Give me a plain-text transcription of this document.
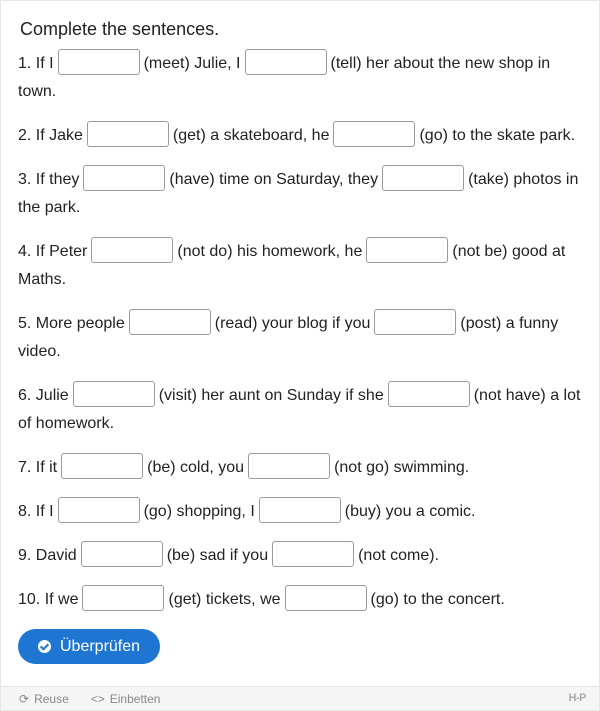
Complete the sentences.
1. If I	(meet) Julie, I	(tell) her about the new shop in town.
2. If Jake	(get) a skateboard, he	(go) to the skate park.
3. If they	(have) time on Saturday, they	(take) photos in the park.
4. If Peter	(not do) his homework, he	(not be) good at Maths.
5. More people	(read) your blog if you	(post) a funny video.
6. Julie	(visit) her aunt on Sunday if she	(not have) a lot of homework.
7. If it	(be) cold, you	(not go) swimming.
8. If I	(go) shopping, I	(buy) you a comic.
9. David	(be) sad if you	(not come).
10. If we	(get) tickets, we	(go) to the concert.
Überprüfen
⟳ Reuse <> Einbetten	H-P
